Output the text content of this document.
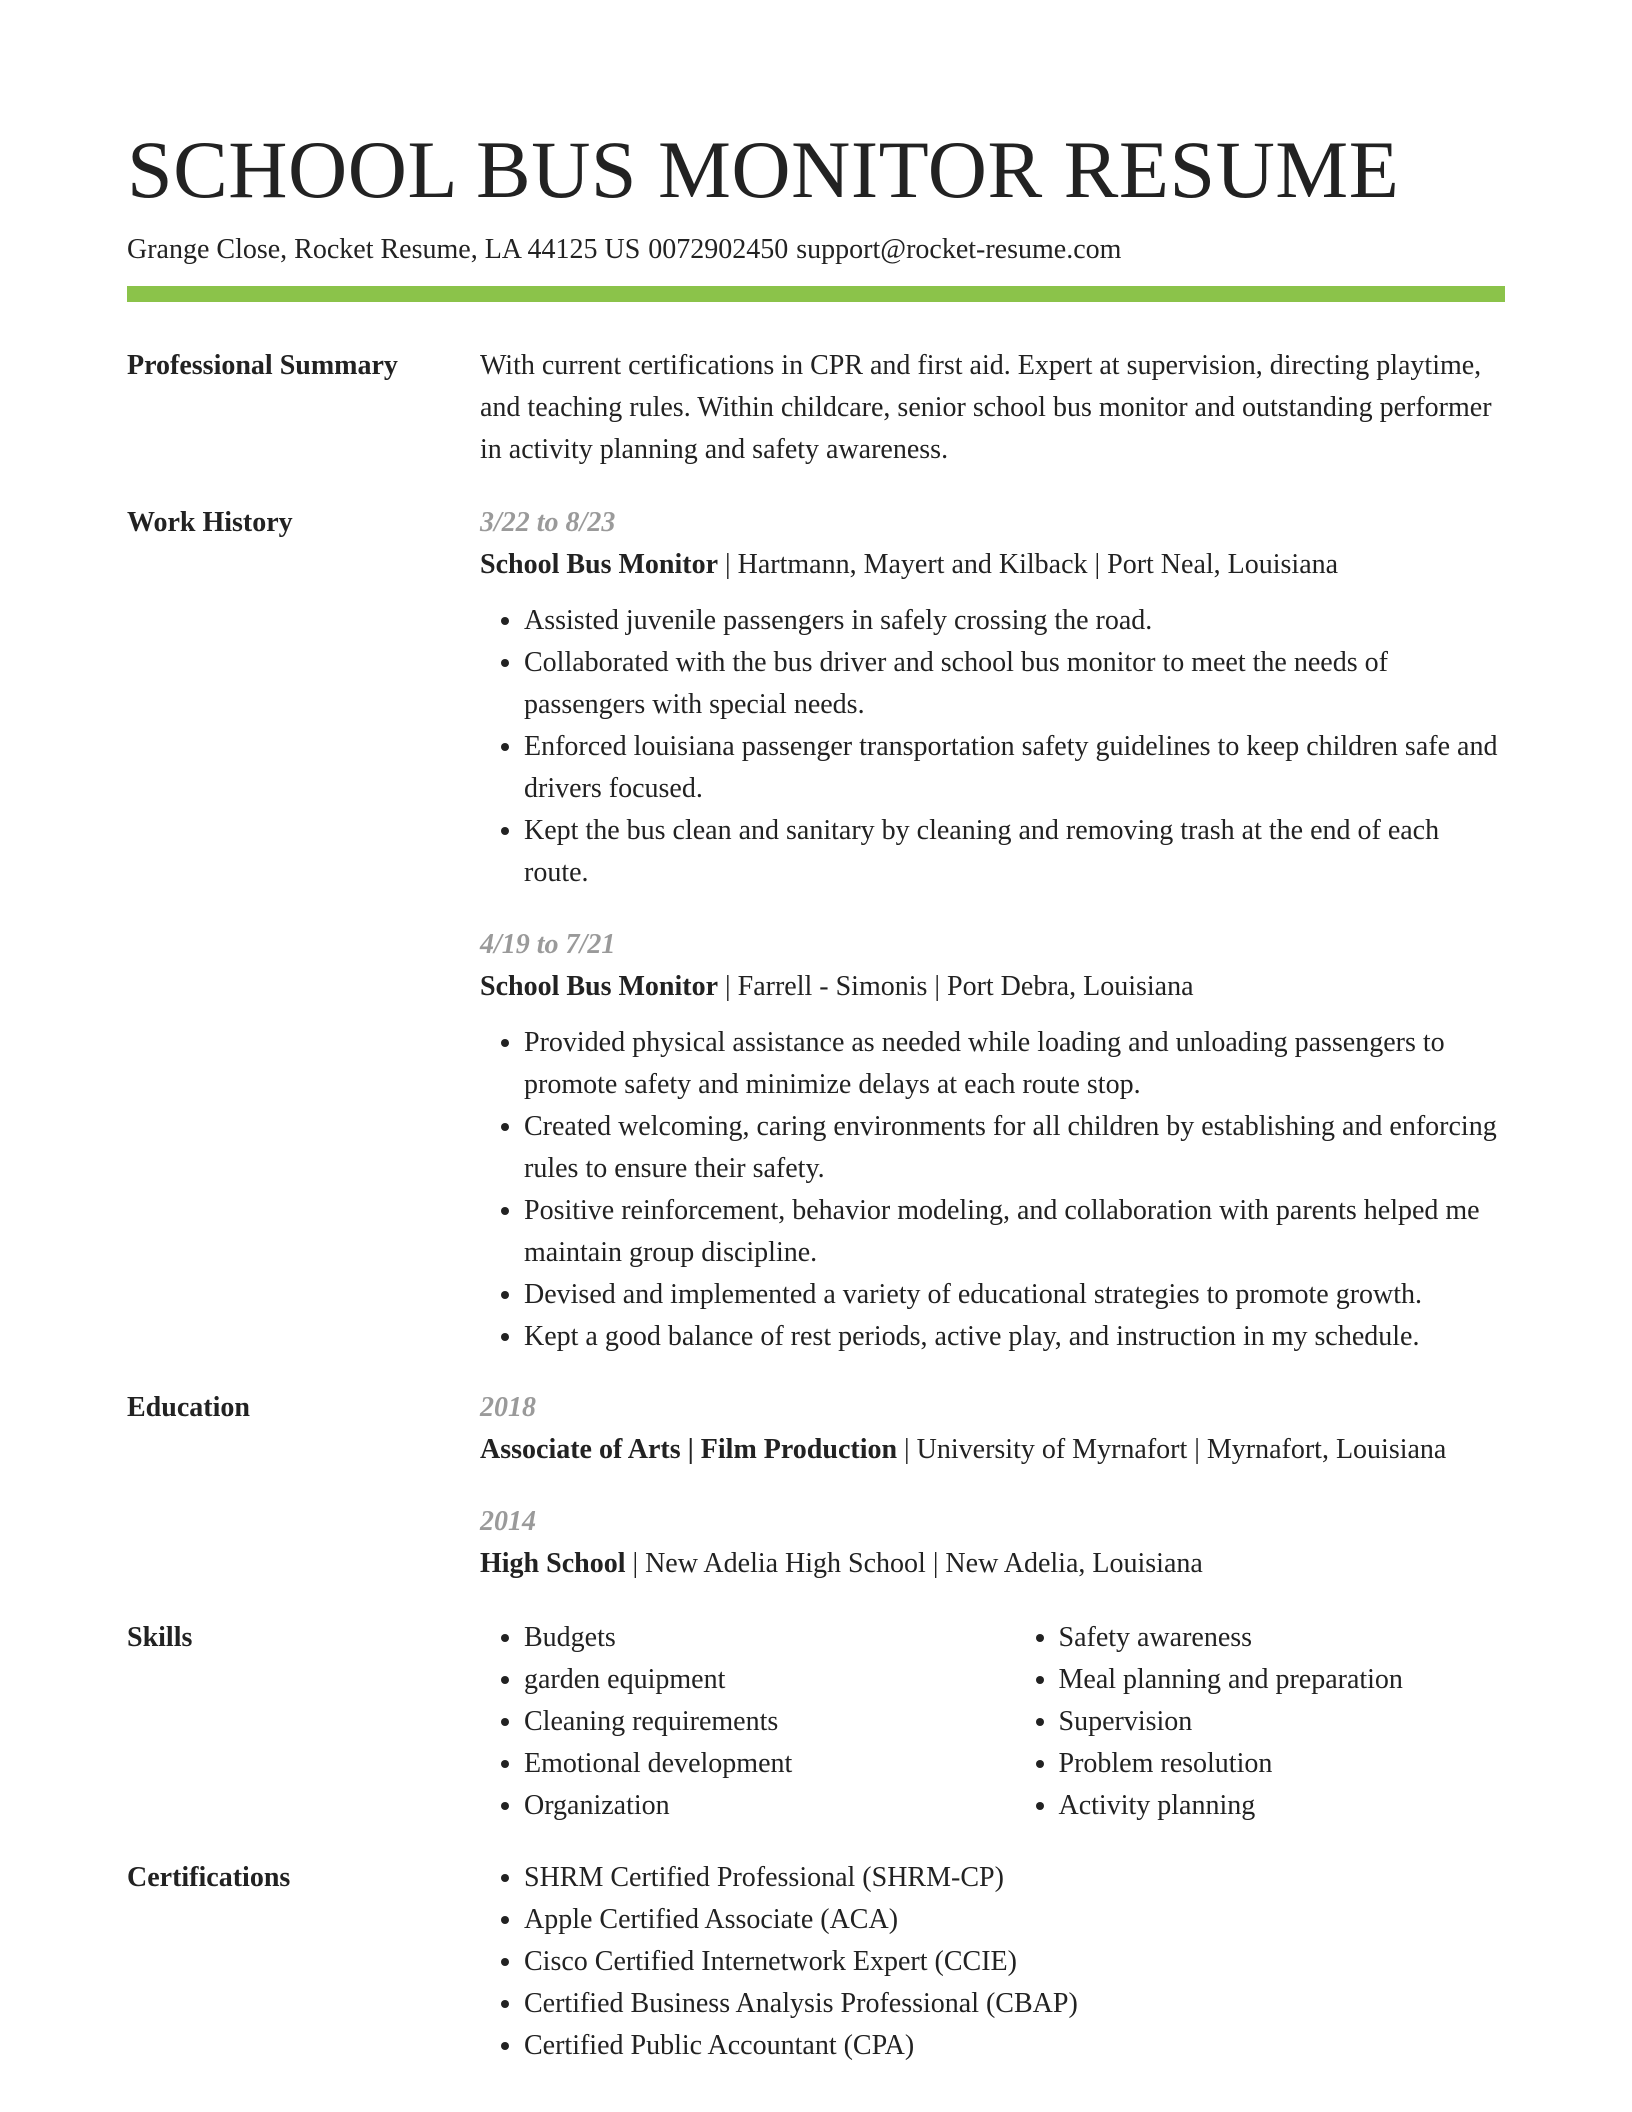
SCHOOL BUS MONITOR RESUME
Grange Close, Rocket Resume, LA 44125 US 0072902450 support@rocket-resume.com
Professional Summary	With current certifications in CPR and first aid. Expert at supervision, directing playtime, and teaching rules. Within childcare, senior school bus monitor and outstanding performer in activity planning and safety awareness.

Work History	3/22 to 8/23
School Bus Monitor | Hartmann, Mayert and Kilback | Port Neal, Louisiana
• Assisted juvenile passengers in safely crossing the road.
• Collaborated with the bus driver and school bus monitor to meet the needs of passengers with special needs.
• Enforced louisiana passenger transportation safety guidelines to keep children safe and drivers focused.
• Kept the bus clean and sanitary by cleaning and removing trash at the end of each route.
4/19 to 7/21
School Bus Monitor | Farrell - Simonis | Port Debra, Louisiana
• Provided physical assistance as needed while loading and unloading passengers to promote safety and minimize delays at each route stop.
• Created welcoming, caring environments for all children by establishing and enforcing rules to ensure their safety.
• Positive reinforcement, behavior modeling, and collaboration with parents helped me maintain group discipline.
• Devised and implemented a variety of educational strategies to promote growth.
• Kept a good balance of rest periods, active play, and instruction in my schedule.
Education	2018
Associate of Arts | Film Production | University of Myrnafort | Myrnafort, Louisiana
2014
High School | New Adelia High School | New Adelia, Louisiana
Skills	• Budgets
• garden equipment
• Cleaning requirements
• Emotional development
• Organization
• Safety awareness
• Meal planning and preparation
• Supervision
• Problem resolution
• Activity planning
Certifications	• SHRM Certified Professional (SHRM-CP)
• Apple Certified Associate (ACA)
• Cisco Certified Internetwork Expert (CCIE)
• Certified Business Analysis Professional (CBAP)
• Certified Public Accountant (CPA)
